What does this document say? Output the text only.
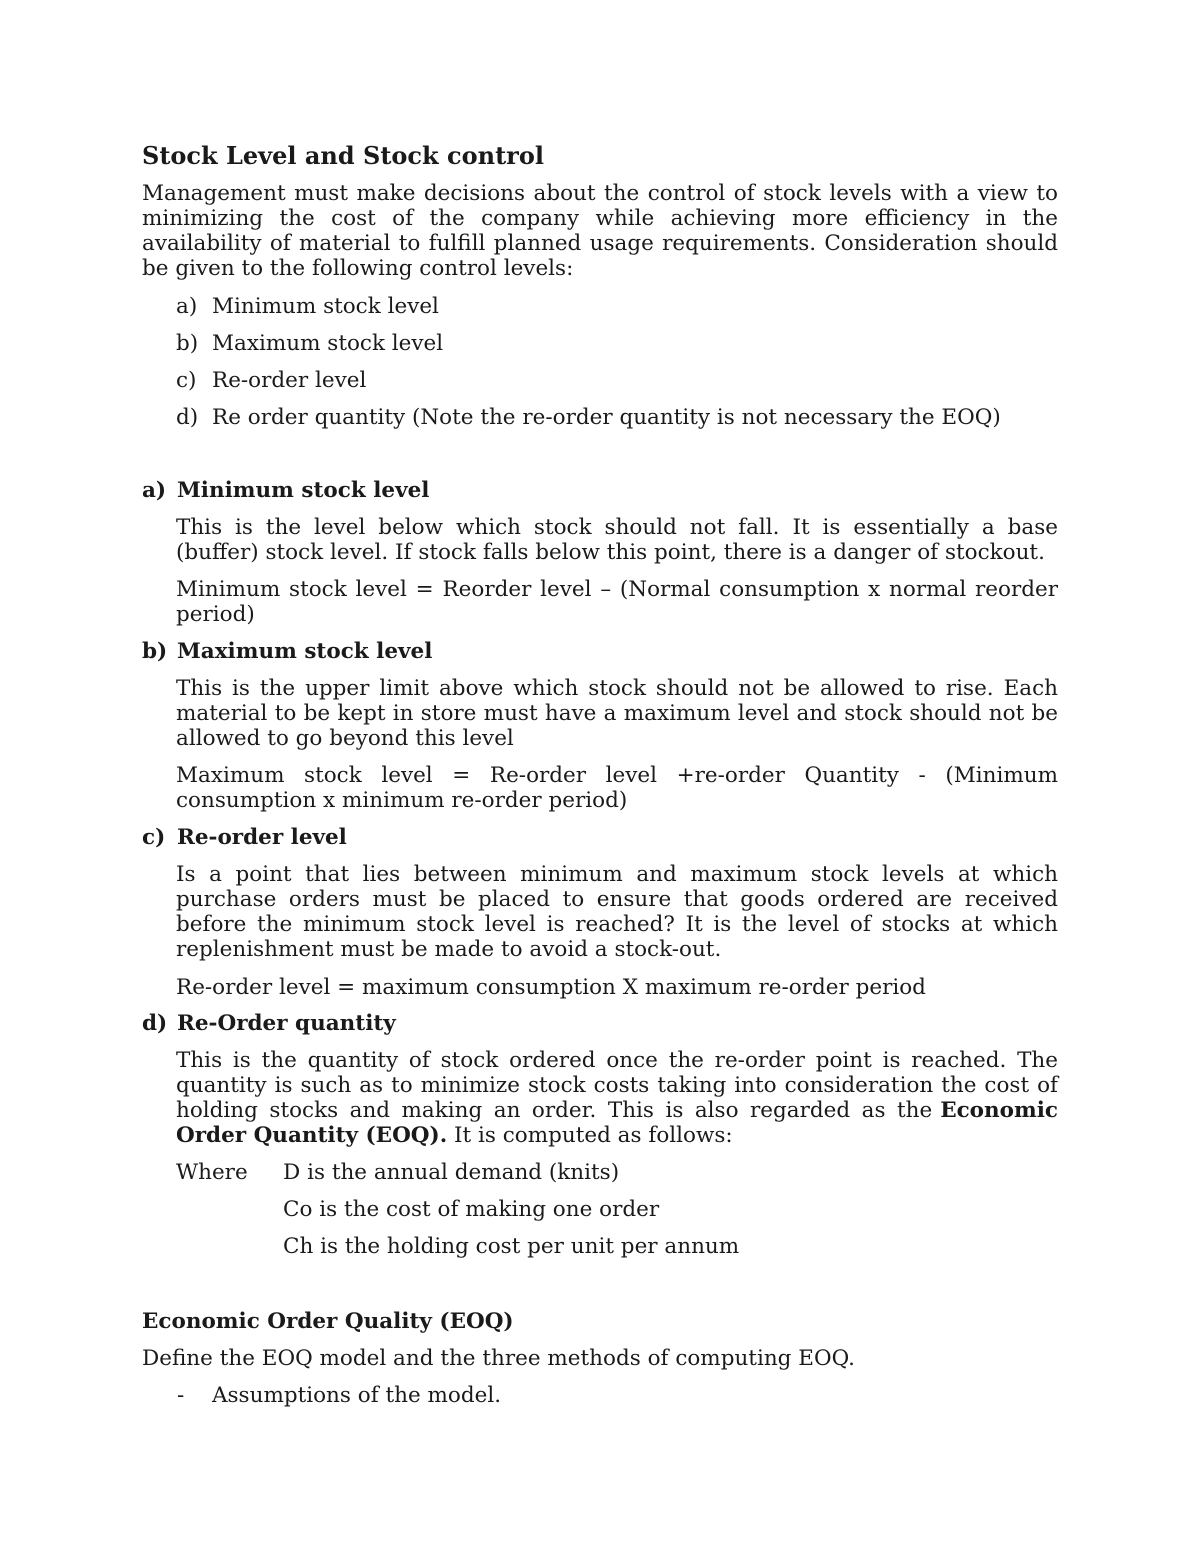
Stock Level and Stock control
Management must make decisions about the control of stock levels with a view to
minimizing the cost of the company while achieving more efficiency in the
availability of material to fulfill planned usage requirements. Consideration should
be given to the following control levels:
a) Minimum stock level
b) Maximum stock level
c) Re-order level
d) Re order quantity (Note the re-order quantity is not necessary the EOQ)
a) Minimum stock level
This is the level below which stock should not fall. It is essentially a base
(buffer) stock level. If stock falls below this point, there is a danger of stockout.
Minimum stock level = Reorder level – (Normal consumption x normal reorder
period)
b) Maximum stock level
This is the upper limit above which stock should not be allowed to rise. Each
material to be kept in store must have a maximum level and stock should not be
allowed to go beyond this level
Maximum stock level = Re-order level +re-order Quantity - (Minimum
consumption x minimum re-order period)
c) Re-order level
Is a point that lies between minimum and maximum stock levels at which
purchase orders must be placed to ensure that goods ordered are received
before the minimum stock level is reached? It is the level of stocks at which
replenishment must be made to avoid a stock-out.
Re-order level = maximum consumption X maximum re-order period
d) Re-Order quantity
This is the quantity of stock ordered once the re-order point is reached. The
quantity is such as to minimize stock costs taking into consideration the cost of
holding stocks and making an order. This is also regarded as the Economic
Order Quantity (EOQ). It is computed as follows:
Where D is the annual demand (knits)
Co is the cost of making one order
Ch is the holding cost per unit per annum
Economic Order Quality (EOQ)
Define the EOQ model and the three methods of computing EOQ.
- Assumptions of the model.
